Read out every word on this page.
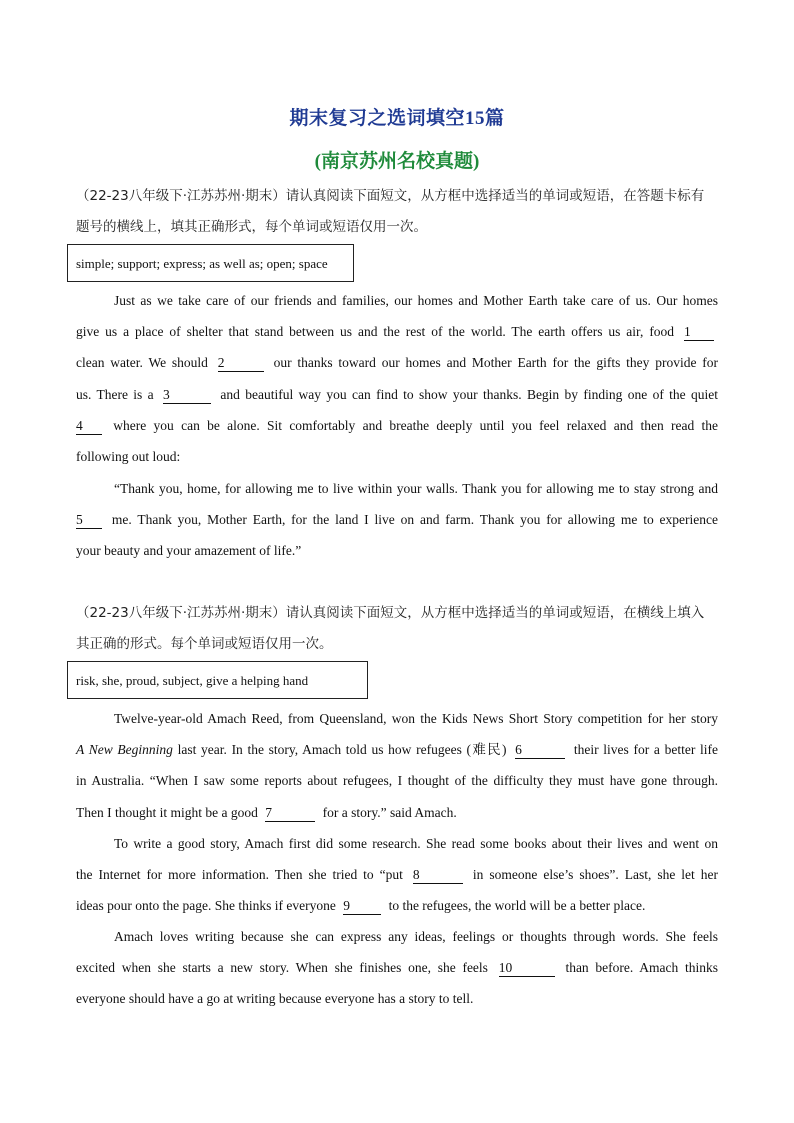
期末复习之选词填空15篇
(南京苏州名校真题)
（22-23八年级下·江苏苏州·期末）请认真阅读下面短文，从方框中选择适当的单词或短语，在答题卡标有
题号的横线上，填其正确形式，每个单词或短语仅用一次。
simple; support; express; as well as; open; space
Just as we take care of our friends and families, our homes and Mother Earth take care of us. Our homes
give us a place of shelter that stand between us and the rest of the world. The earth offers us air, food 1
clean water. We should 2	our thanks toward our homes and Mother Earth for the gifts they provide for
us. There is a 3	and beautiful way you can find to show your thanks. Begin by finding one of the quiet
4 where you can be alone. Sit comfortably and breathe deeply until you feel relaxed and then read the
following out loud:
“Thank you, home, for allowing me to live within your walls. Thank you for allowing me to stay strong and
5 me. Thank you, Mother Earth, for the land I live on and farm. Thank you for allowing me to experience
your beauty and your amazement of life.”
（22-23八年级下·江苏苏州·期末）请认真阅读下面短文，从方框中选择适当的单词或短语，在横线上填入
其正确的形式。每个单词或短语仅用一次。
risk, she, proud, subject, give a helping hand
Twelve-year-old Amach Reed, from Queensland, won the Kids News Short Story competition for her story
A New Beginning last year. In the story, Amach told us how refugees (难民) 6	their lives for a better life
in Australia. “When I saw some reports about refugees, I thought of the difficulty they must have gone through.
Then I thought it might be a good 7	for a story.” said Amach.
To write a good story, Amach first did some research. She read some books about their lives and went on
the Internet for more information. Then she tried to “put 8	in someone else’s shoes”. Last, she let her
ideas pour onto the page. She thinks if everyone 9	to the refugees, the world will be a better place.
Amach loves writing because she can express any ideas, feelings or thoughts through words. She feels
excited when she starts a new story. When she finishes one, she feels 10	than before. Amach thinks
everyone should have a go at writing because everyone has a story to tell.
